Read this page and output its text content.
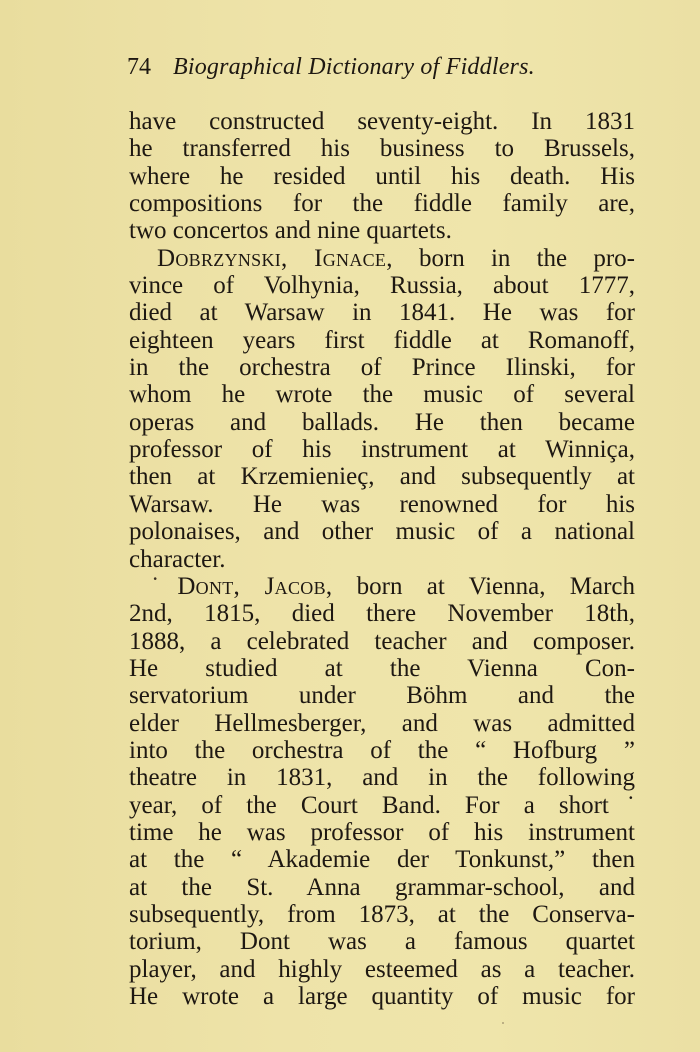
74 Biographical Dictionary of Fiddlers.
have constructed seventy-eight. In 1831
he transferred his business to Brussels,
where he resided until his death. His
compositions for the fiddle family are,
two concertos and nine quartets.
Dobrzynski, Ignace, born in the pro-
vince of Volhynia, Russia, about 1777,
died at Warsaw in 1841. He was for
eighteen years first fiddle at Romanoff,
in the orchestra of Prince Ilinski, for
whom he wrote the music of several
operas and ballads. He then became
professor of his instrument at Winniça,
then at Krzemienieç, and subsequently at
Warsaw. He was renowned for his
polonaises, and other music of a national
character.
˙Dont, Jacob, born at Vienna, March
2nd, 1815, died there November 18th,
1888, a celebrated teacher and composer.
He studied at the Vienna Con-
servatorium under Böhm and the
elder Hellmesberger, and was admitted
into the orchestra of the “ Hofburg ”
theatre in 1831, and in the following
year, of the Court Band. For a short˙
time he was professor of his instrument
at the “ Akademie der Tonkunst,” then
at the St. Anna grammar-school, and
subsequently, from 1873, at the Conserva-
torium, Dont was a famous quartet
player, and highly esteemed as a teacher.
He wrote a large quantity of music for
